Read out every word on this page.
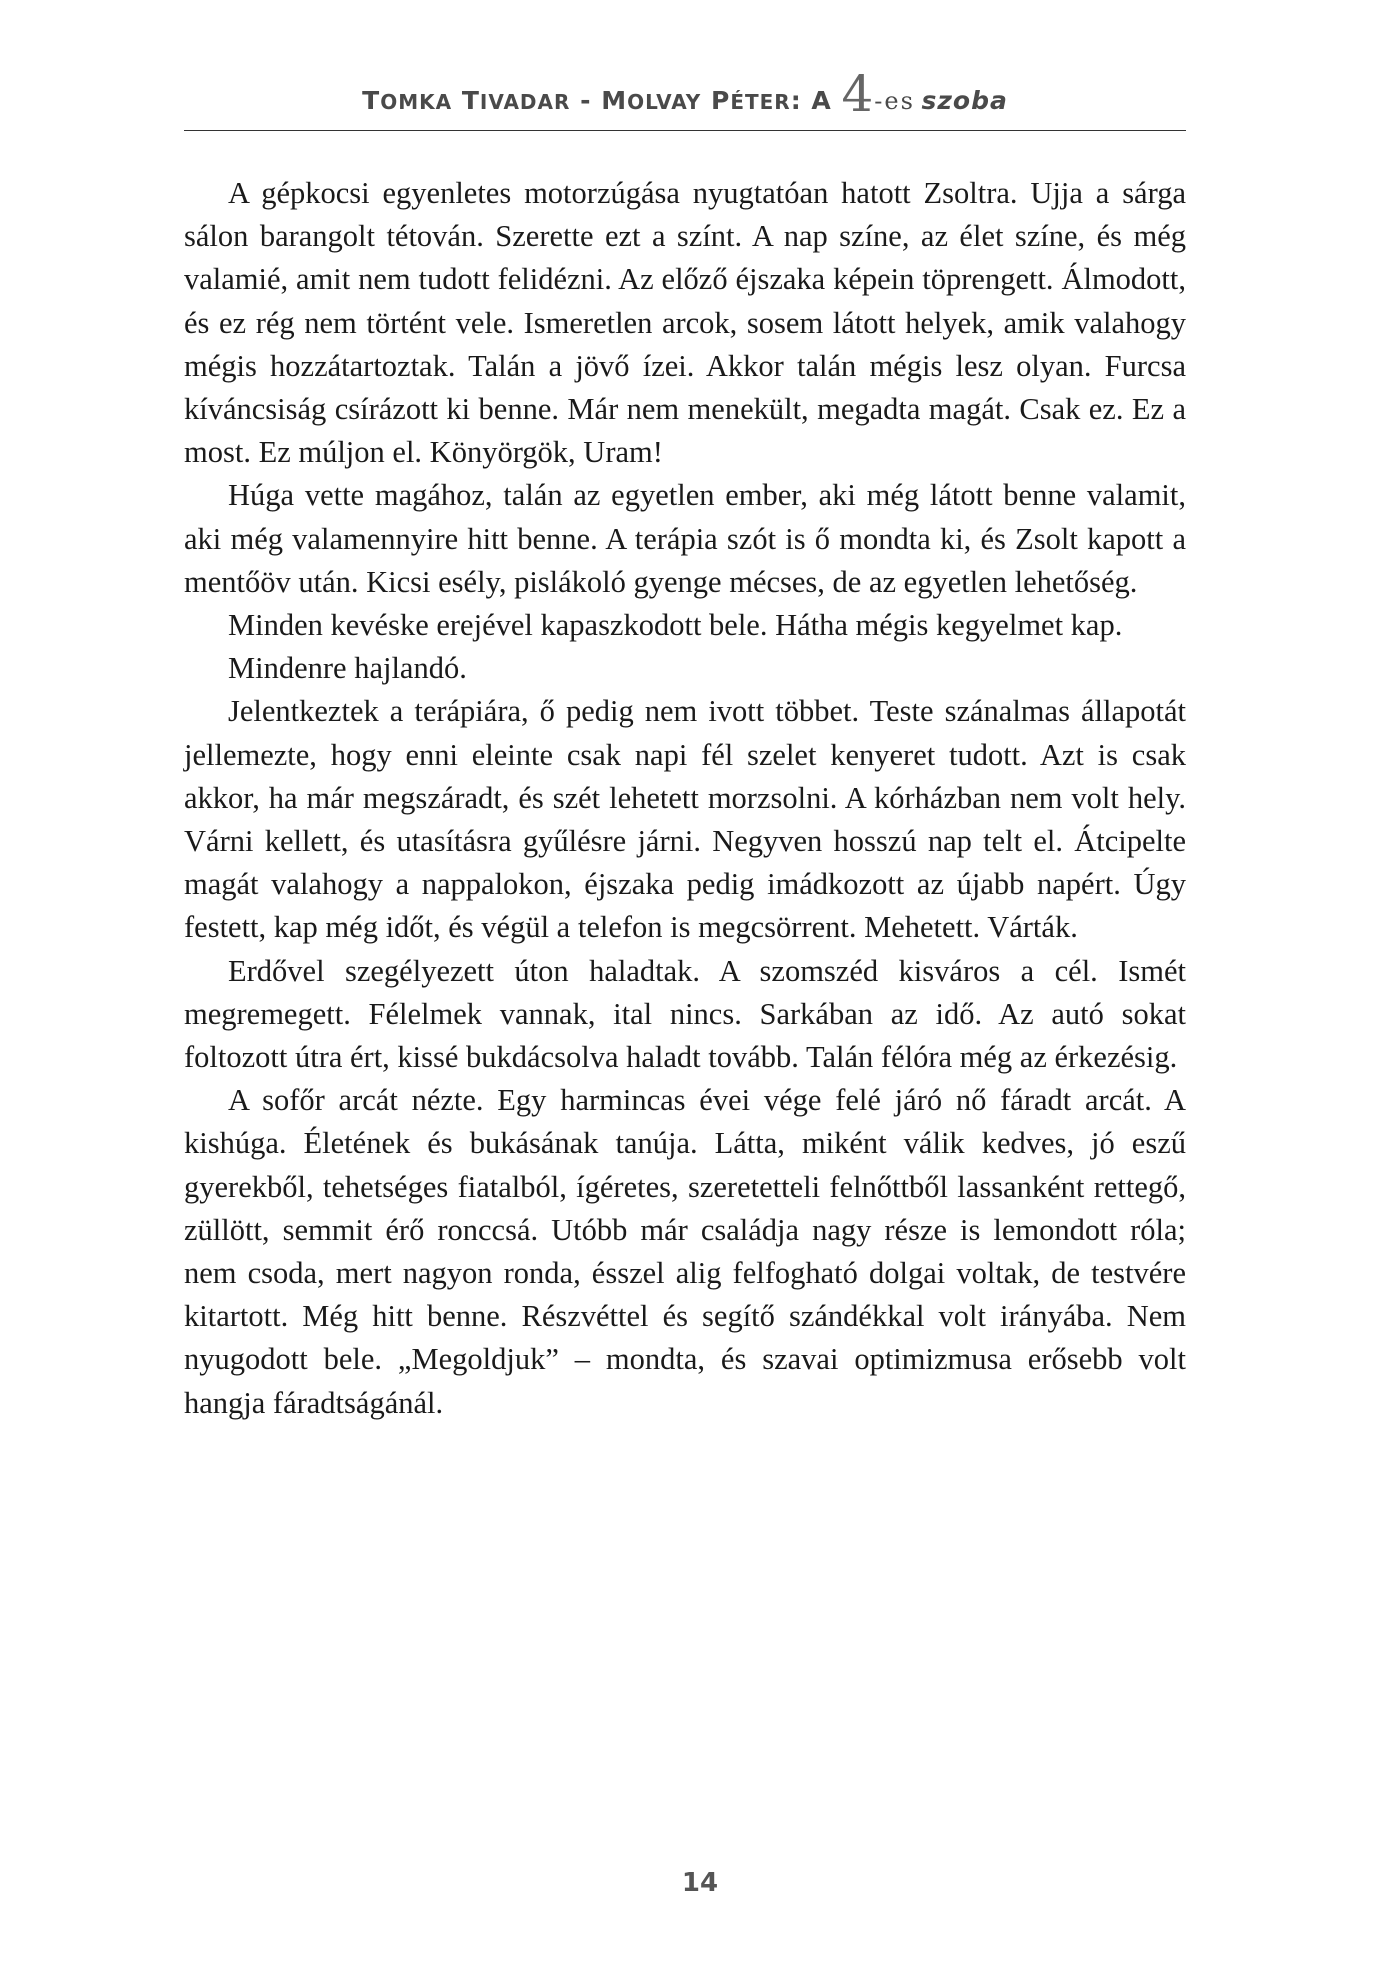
TOMKA TIVADAR - MOLVAY PÉTER: A 4-es szoba

A gépkocsi egyenletes motorzúgása nyugtatóan hatott Zsoltra. Ujja a sárga sálon barangolt tétován. Szerette ezt a színt. A nap színe, az élet színe, és még valamié, amit nem tudott felidézni. Az előző éjszaka képein töprengett. Álmodott, és ez rég nem történt vele. Ismeretlen arcok, sosem látott helyek, amik valahogy mégis hozzátartoztak. Talán a jövő ízei. Akkor talán mégis lesz olyan. Furcsa kíváncsiság csírázott ki benne. Már nem menekült, megadta magát. Csak ez. Ez a most. Ez múljon el. Könyörgök, Uram!

Húga vette magához, talán az egyetlen ember, aki még látott benne valamit, aki még valamennyire hitt benne. A terápia szót is ő mondta ki, és Zsolt kapott a mentőöv után. Kicsi esély, pislákoló gyenge mécses, de az egyetlen lehetőség.

Minden kevéske erejével kapaszkodott bele. Hátha mégis kegyelmet kap.

Mindenre hajlandó.

Jelentkeztek a terápiára, ő pedig nem ivott többet. Teste szánalmas állapotát jellemezte, hogy enni eleinte csak napi fél szelet kenyeret tudott. Azt is csak akkor, ha már megszáradt, és szét lehetett morzsolni. A kórházban nem volt hely. Várni kellett, és utasításra gyűlésre járni. Negyven hosszú nap telt el. Átcipelte magát valahogy a nappalokon, éjszaka pedig imádkozott az újabb napért. Úgy festett, kap még időt, és végül a telefon is megcsörrent. Mehetett. Várták.

Erdővel szegélyezett úton haladtak. A szomszéd kisváros a cél. Ismét megremegett. Félelmek vannak, ital nincs. Sarkában az idő. Az autó sokat foltozott útra ért, kissé bukdácsolva haladt tovább. Talán félóra még az érkezésig.

A sofőr arcát nézte. Egy harmincas évei vége felé járó nő fáradt arcát. A kishúga. Életének és bukásának tanúja. Látta, miként válik kedves, jó eszű gyerekből, tehetséges fiatalból, ígéretes, szeretetteli felnőttből lassanként rettegő, züllött, semmit érő ronccsá. Utóbb már családja nagy része is lemondott róla; nem csoda, mert nagyon ronda, ésszel alig felfogható dolgai voltak, de testvére kitartott. Még hitt benne. Részvéttel és segítő szándékkal volt irányába. Nem nyugodott bele. „Megoldjuk” – mondta, és szavai optimizmusa erősebb volt hangja fáradtságánál.

14
